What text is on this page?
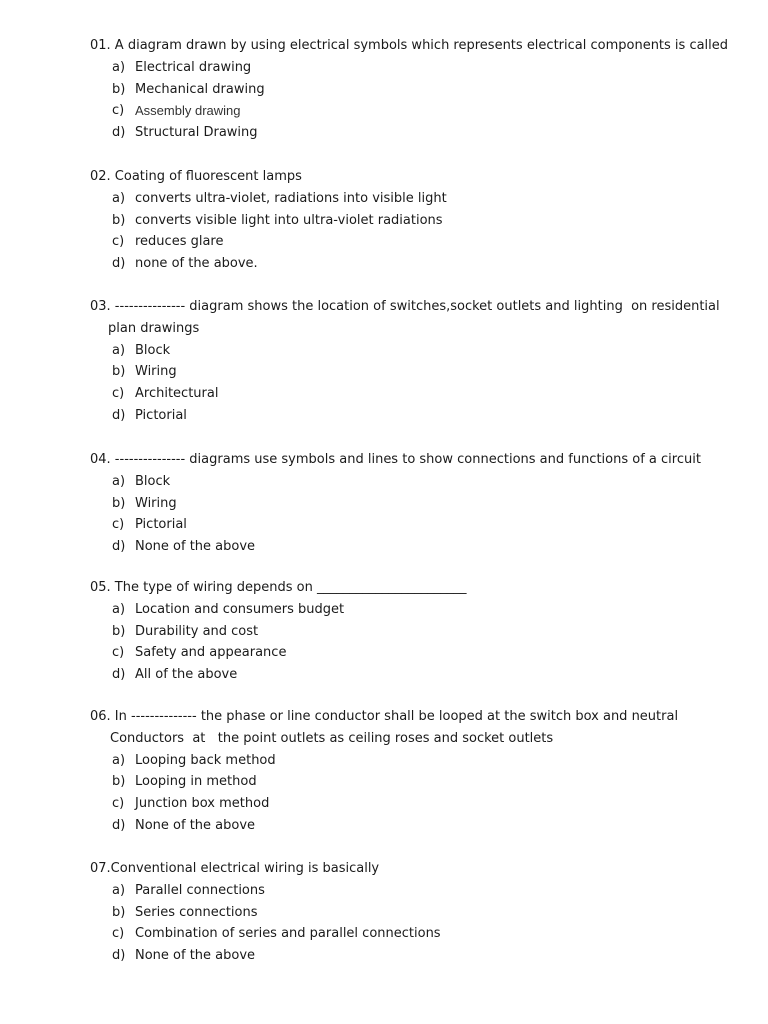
01. A diagram drawn by using electrical symbols which represents electrical components is called
a) Electrical drawing
b) Mechanical drawing
c) Assembly drawing
d) Structural Drawing
02. Coating of fluorescent lamps
a) converts ultra-violet, radiations into visible light
b) converts visible light into ultra-violet radiations
c) reduces glare
d) none of the above.
03. --------------- diagram shows the location of switches,socket outlets and lighting  on residential
plan drawings
a) Block
b) Wiring
c) Architectural
d) Pictorial
04. --------------- diagrams use symbols and lines to show connections and functions of a circuit
a) Block
b) Wiring
c) Pictorial
d) None of the above
05. The type of wiring depends on _______________________
a) Location and consumers budget
b) Durability and cost
c) Safety and appearance
d) All of the above
06. In -------------- the phase or line conductor shall be looped at the switch box and neutral
Conductors  at   the point outlets as ceiling roses and socket outlets
a) Looping back method
b) Looping in method
c) Junction box method
d) None of the above
07.Conventional electrical wiring is basically
a) Parallel connections
b) Series connections
c) Combination of series and parallel connections
d) None of the above
